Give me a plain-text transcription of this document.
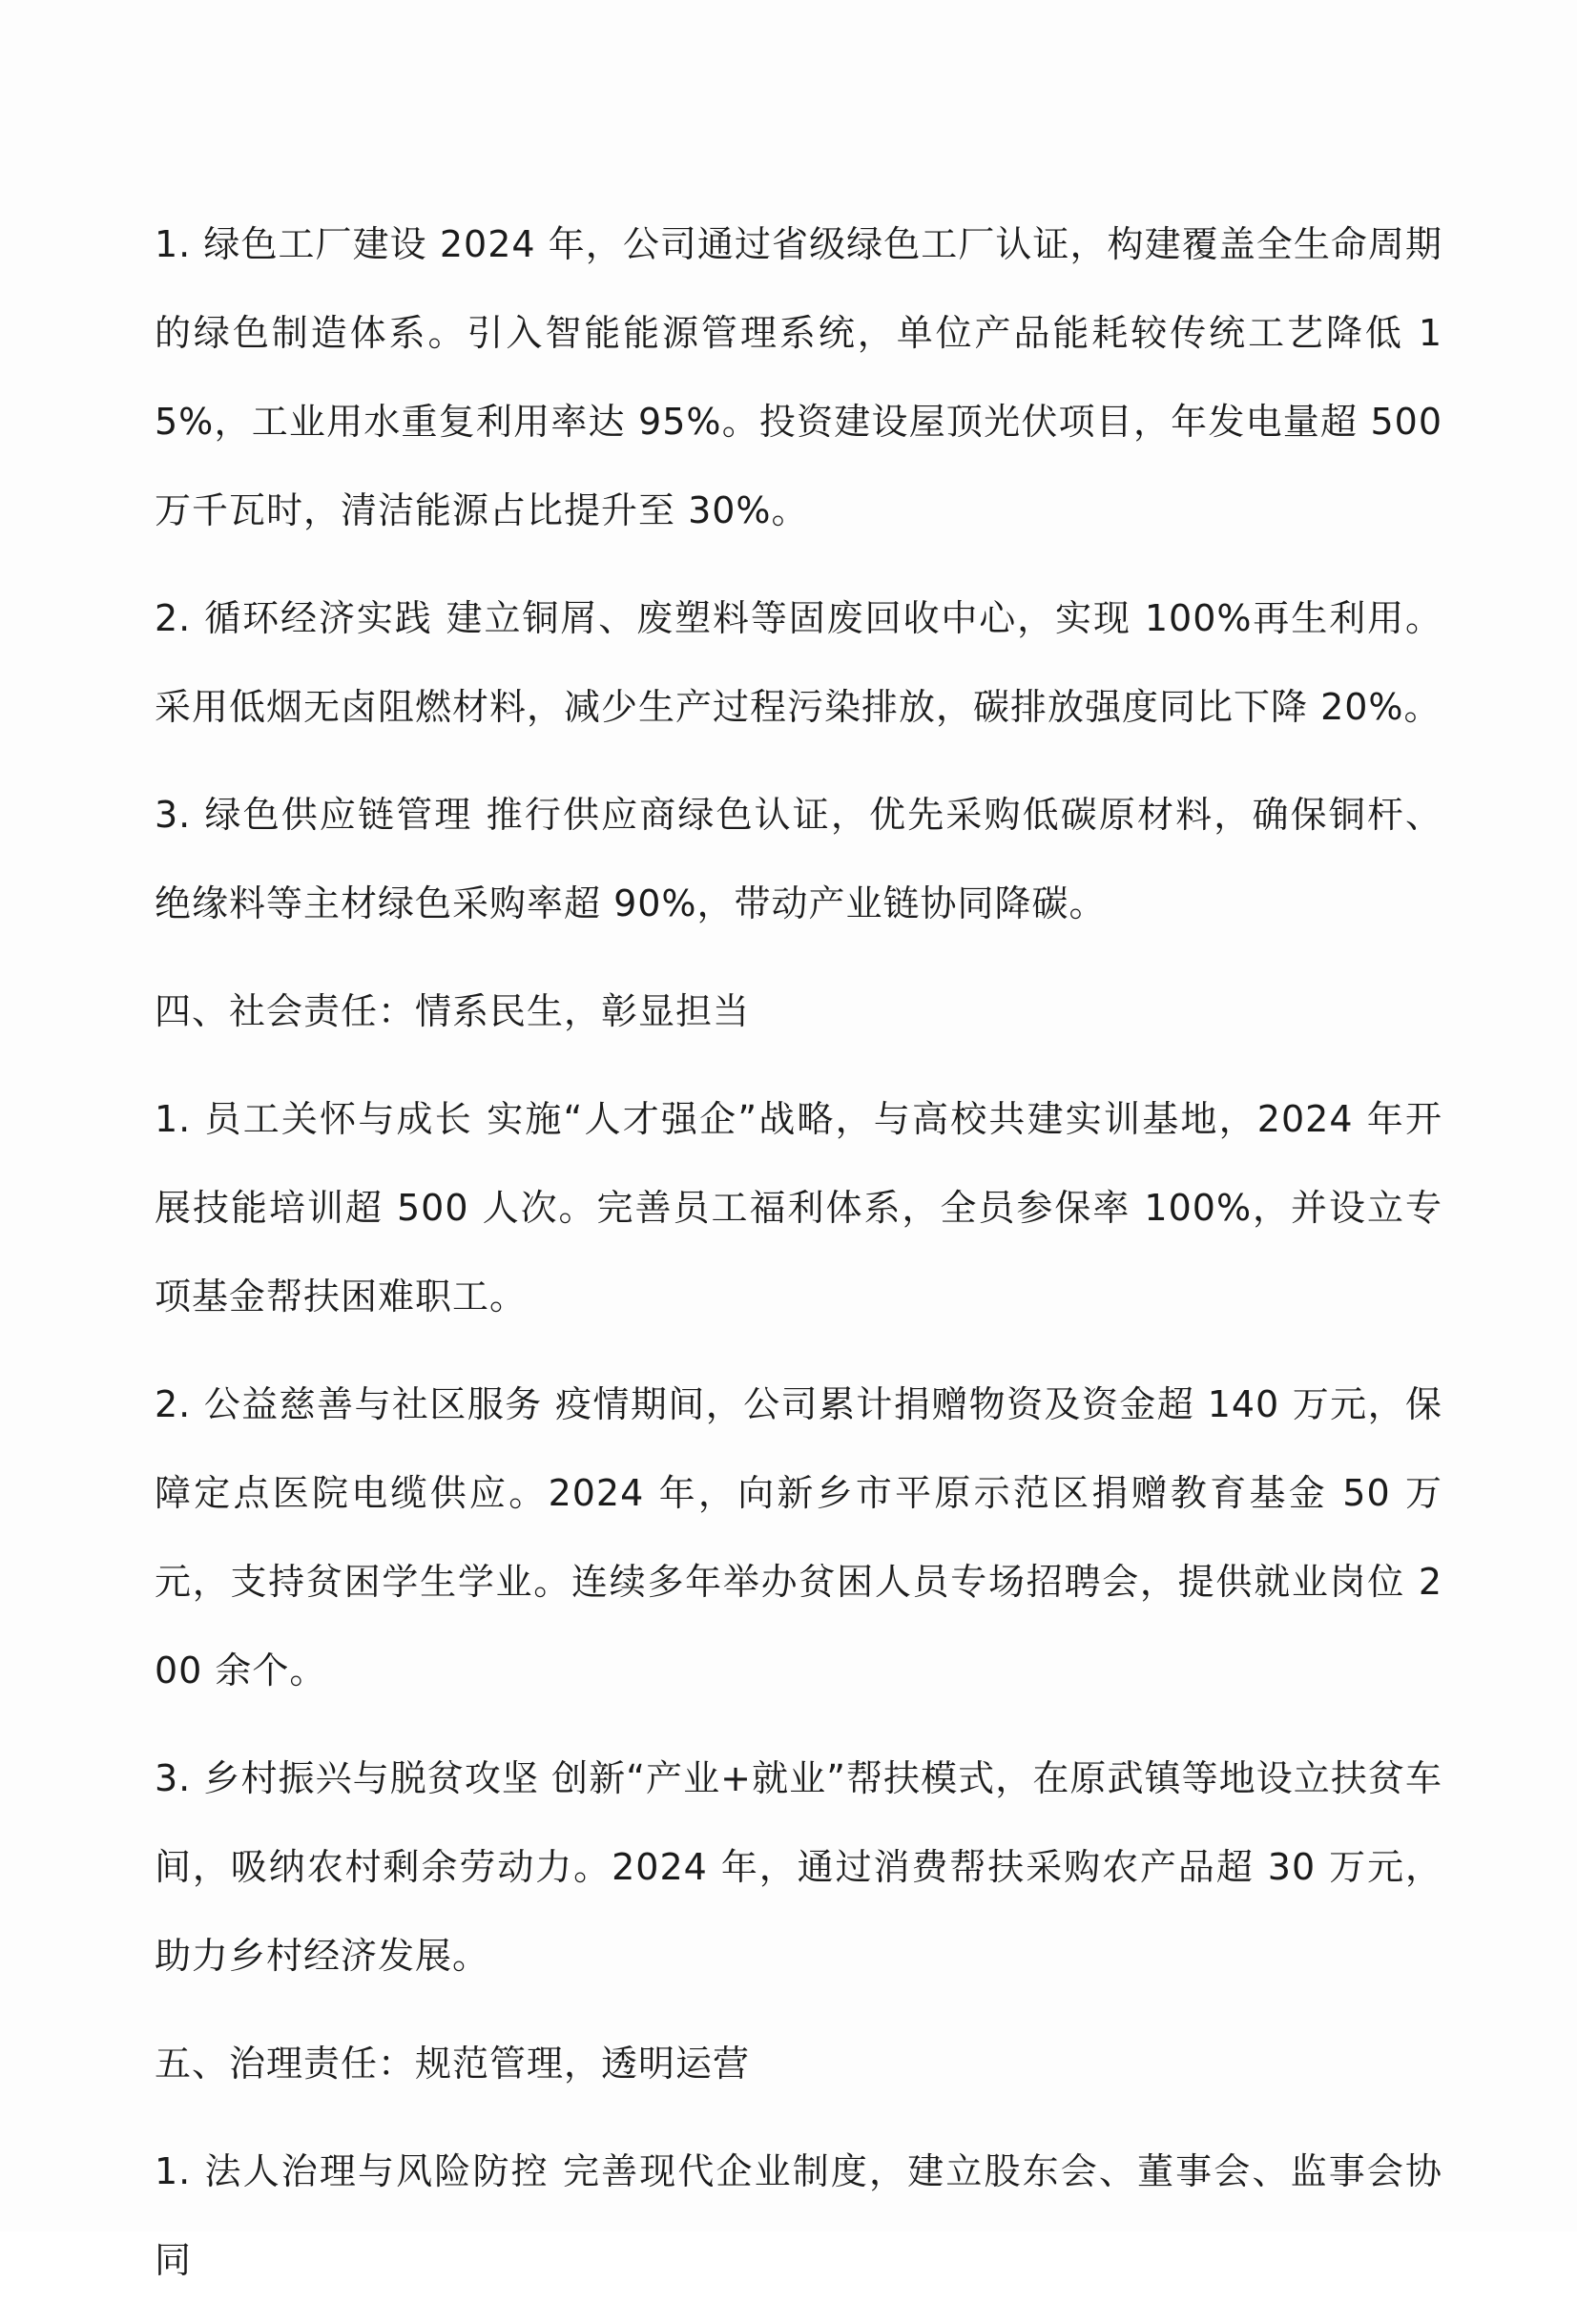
1. 绿色工厂建设 2024 年，公司通过省级绿色工厂认证，构建覆盖全生命周期的绿色制造体系。引入智能能源管理系统，单位产品能耗较传统工艺降低 15%，工业用水重复利用率达 95%。投资建设屋顶光伏项目，年发电量超 500 万千瓦时，清洁能源占比提升至 30%。

2. 循环经济实践 建立铜屑、废塑料等固废回收中心，实现 100%再生利用。采用低烟无卤阻燃材料，减少生产过程污染排放，碳排放强度同比下降 20%。

3. 绿色供应链管理 推行供应商绿色认证，优先采购低碳原材料，确保铜杆、绝缘料等主材绿色采购率超 90%，带动产业链协同降碳。

四、社会责任：情系民生，彰显担当

1. 员工关怀与成长 实施“人才强企”战略，与高校共建实训基地，2024 年开展技能培训超 500 人次。完善员工福利体系，全员参保率 100%，并设立专项基金帮扶困难职工。

2. 公益慈善与社区服务 疫情期间，公司累计捐赠物资及资金超 140 万元，保障定点医院电缆供应。2024 年，向新乡市平原示范区捐赠教育基金 50 万元，支持贫困学生学业。连续多年举办贫困人员专场招聘会，提供就业岗位 200 余个。

3. 乡村振兴与脱贫攻坚 创新“产业+就业”帮扶模式，在原武镇等地设立扶贫车间，吸纳农村剩余劳动力。2024 年，通过消费帮扶采购农产品超 30 万元，助力乡村经济发展。

五、治理责任：规范管理，透明运营

1. 法人治理与风险防控 完善现代企业制度，建立股东会、董事会、监事会协同
